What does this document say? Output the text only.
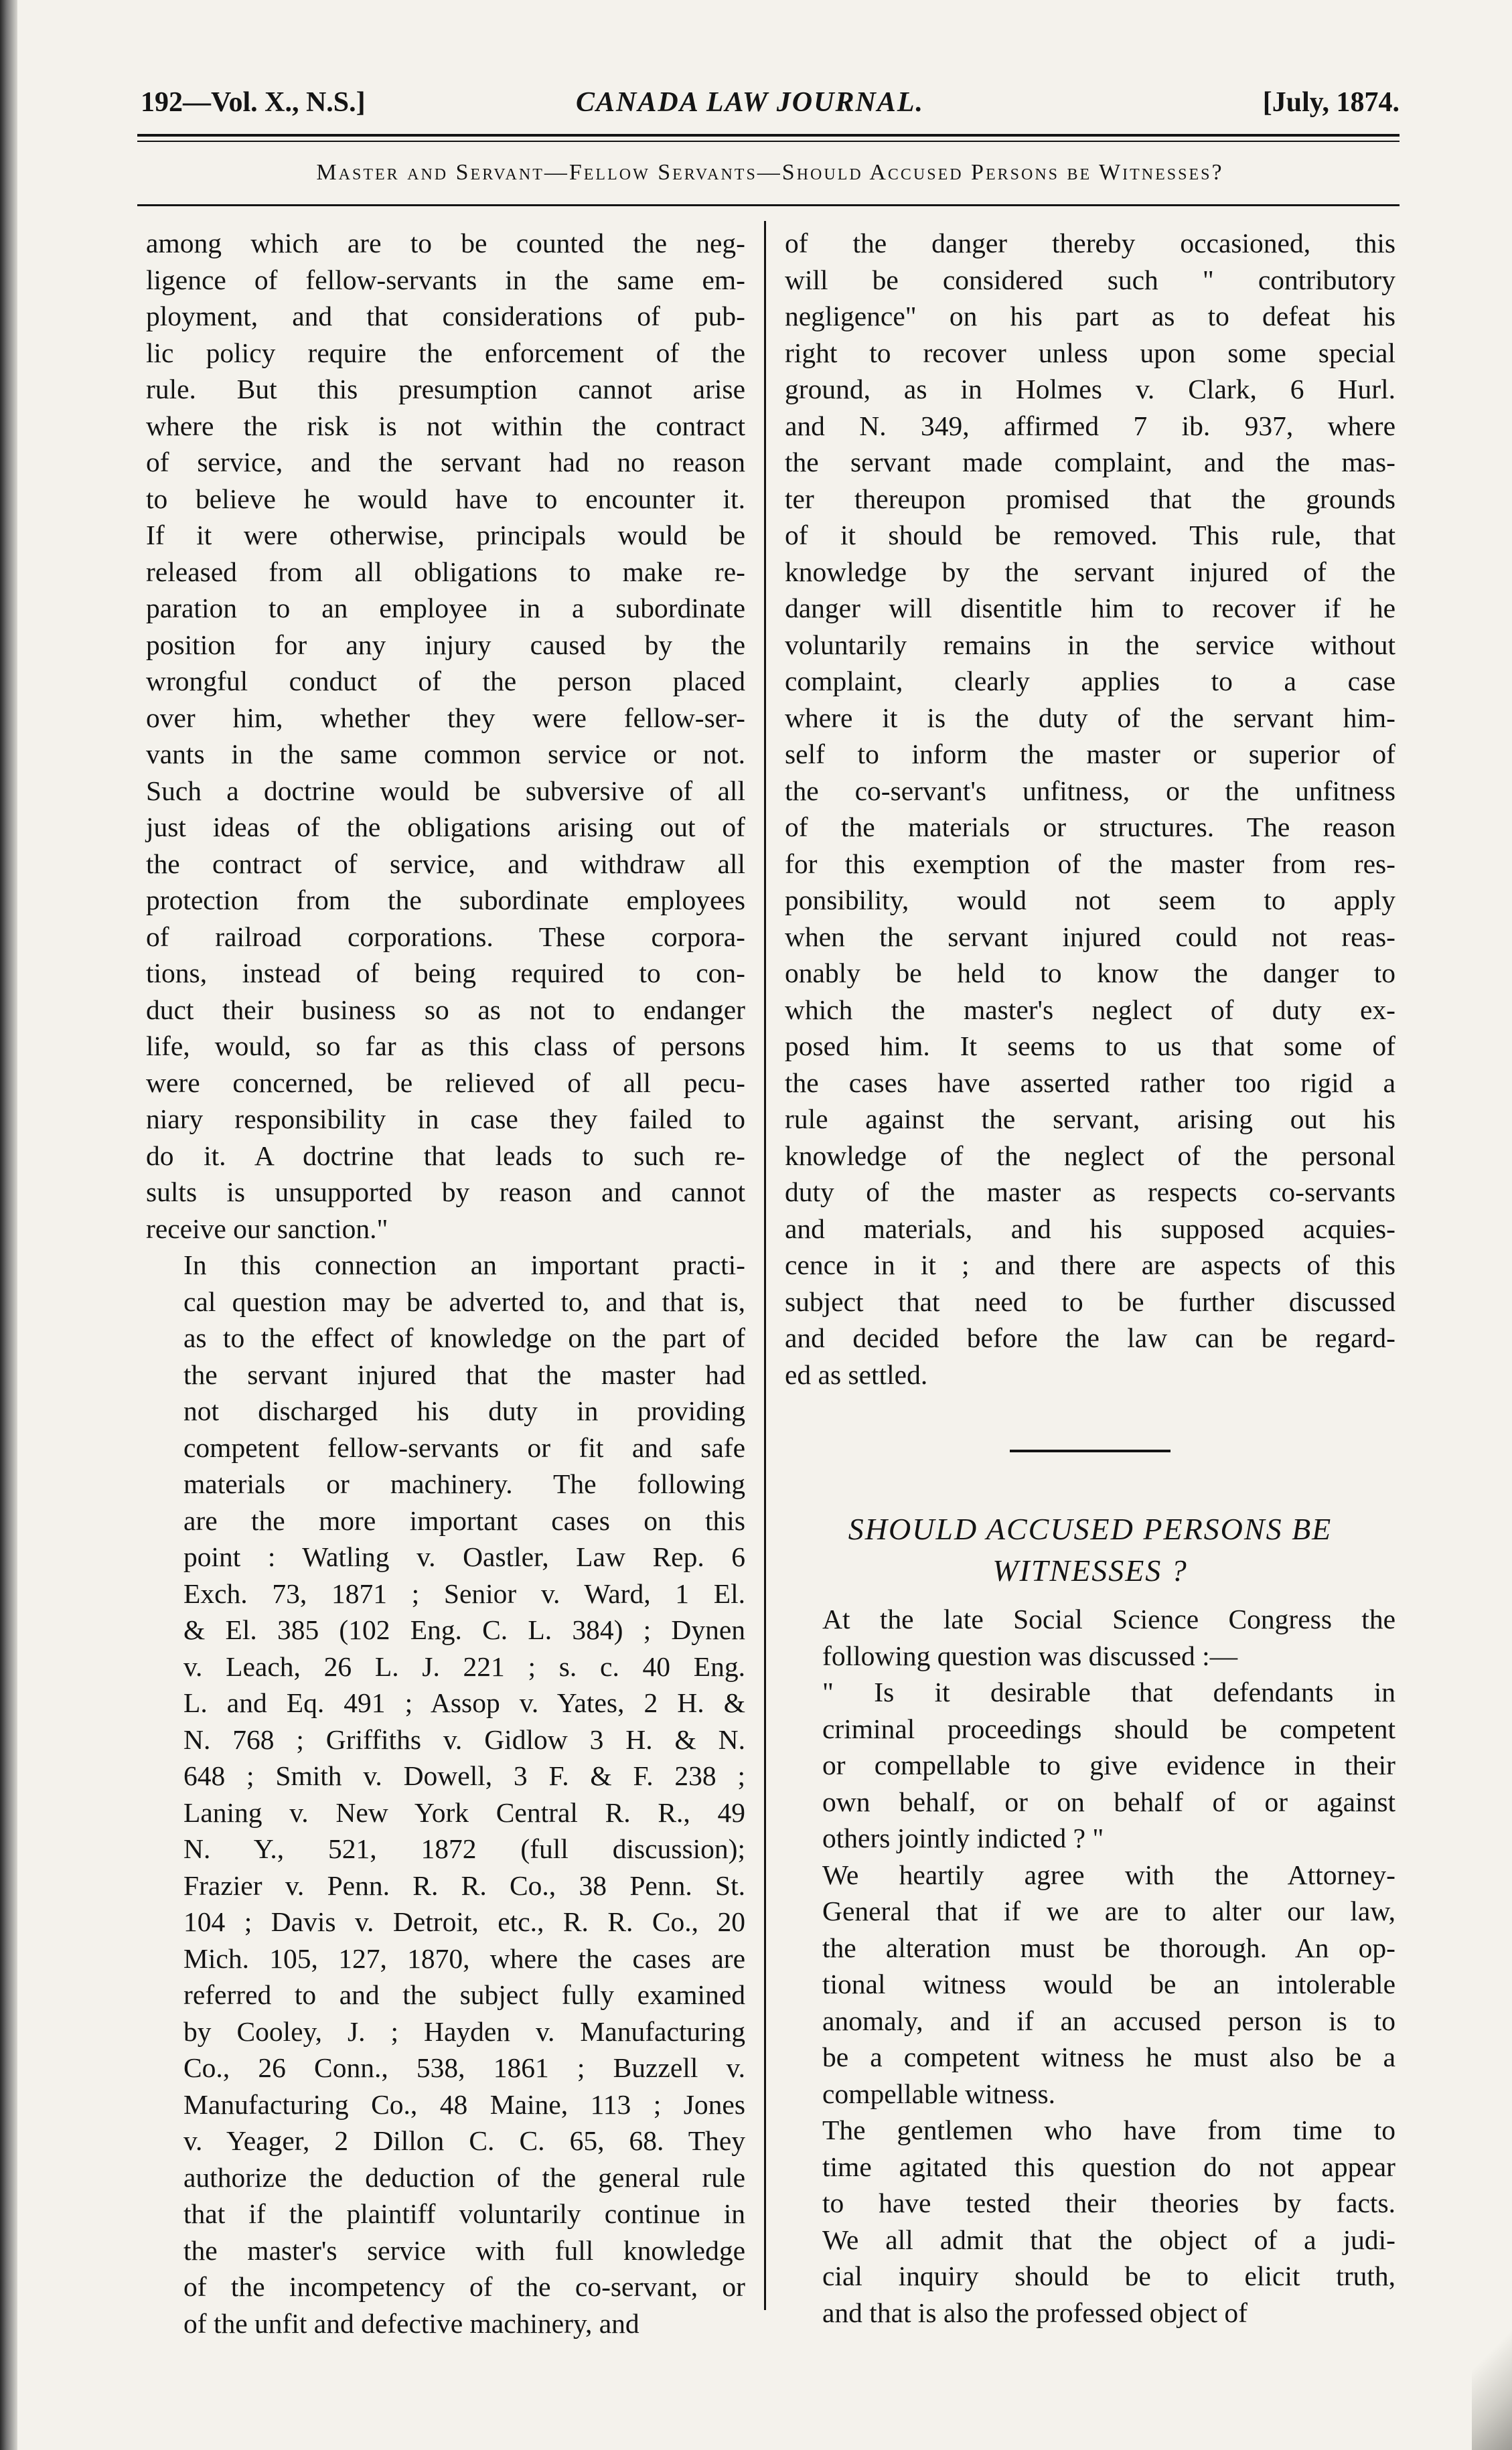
192—Vol. X., N.S.]	CANADA LAW JOURNAL.	[July, 1874.
Master and Servant—Fellow Servants—Should Accused Persons be Witnesses?

among which are to be counted the neg-
ligence of fellow-servants in the same em-
ployment, and that considerations of pub-
lic policy require the enforcement of the
rule. But this presumption cannot arise
where the risk is not within the contract
of service, and the servant had no reason
to believe he would have to encounter it.
If it were otherwise, principals would be
released from all obligations to make re-
paration to an employee in a subordinate
position for any injury caused by the
wrongful conduct of the person placed
over him, whether they were fellow-ser-
vants in the same common service or not.
Such a doctrine would be subversive of all
just ideas of the obligations arising out of
the contract of service, and withdraw all
protection from the subordinate employees
of railroad corporations. These corpora-
tions, instead of being required to con-
duct their business so as not to endanger
life, would, so far as this class of persons
were concerned, be relieved of all pecu-
niary responsibility in case they failed to
do it. A doctrine that leads to such re-
sults is unsupported by reason and cannot
receive our sanction."

In this connection an important practi-
cal question may be adverted to, and that is,
as to the effect of knowledge on the part of
the servant injured that the master had
not discharged his duty in providing
competent fellow-servants or fit and safe
materials or machinery. The following
are the more important cases on this
point : Watling v. Oastler, Law Rep. 6
Exch. 73, 1871 ; Senior v. Ward, 1 El.
& El. 385 (102 Eng. C. L. 384) ; Dynen
v. Leach, 26 L. J. 221 ; s. c. 40 Eng.
L. and Eq. 491 ; Assop v. Yates, 2 H. &
N. 768 ; Griffiths v. Gidlow 3 H. & N.
648 ; Smith v. Dowell, 3 F. & F. 238 ;
Laning v. New York Central R. R., 49
N. Y., 521, 1872 (full discussion);
Frazier v. Penn. R. R. Co., 38 Penn. St.
104 ; Davis v. Detroit, etc., R. R. Co., 20
Mich. 105, 127, 1870, where the cases are
referred to and the subject fully examined
by Cooley, J. ; Hayden v. Manufacturing
Co., 26 Conn., 538, 1861 ; Buzzell v.
Manufacturing Co., 48 Maine, 113 ; Jones
v. Yeager, 2 Dillon C. C. 65, 68. They
authorize the deduction of the general rule
that if the plaintiff voluntarily continue in
the master's service with full knowledge
of the incompetency of the co-servant, or
of the unfit and defective machinery, and

of the danger thereby occasioned, this
will be considered such " contributory
negligence" on his part as to defeat his
right to recover unless upon some special
ground, as in Holmes v. Clark, 6 Hurl.
and N. 349, affirmed 7 ib. 937, where
the servant made complaint, and the mas-
ter thereupon promised that the grounds
of it should be removed. This rule, that
knowledge by the servant injured of the
danger will disentitle him to recover if he
voluntarily remains in the service without
complaint, clearly applies to a case
where it is the duty of the servant him-
self to inform the master or superior of
the co-servant's unfitness, or the unfitness
of the materials or structures. The reason
for this exemption of the master from res-
ponsibility, would not seem to apply
when the servant injured could not reas-
onably be held to know the danger to
which the master's neglect of duty ex-
posed him. It seems to us that some of
the cases have asserted rather too rigid a
rule against the servant, arising out his
knowledge of the neglect of the personal
duty of the master as respects co-servants
and materials, and his supposed acquies-
cence in it ; and there are aspects of this
subject that need to be further discussed
and decided before the law can be regard-
ed as settled.

SHOULD ACCUSED PERSONS BE
WITNESSES ?

At the late Social Science Congress the
following question was discussed :—

" Is it desirable that defendants in
criminal proceedings should be competent
or compellable to give evidence in their
own behalf, or on behalf of or against
others jointly indicted ? "

We heartily agree with the Attorney-
General that if we are to alter our law,
the alteration must be thorough. An op-
tional witness would be an intolerable
anomaly, and if an accused person is to
be a competent witness he must also be a
compellable witness.

The gentlemen who have from time to
time agitated this question do not appear
to have tested their theories by facts.
We all admit that the object of a judi-
cial inquiry should be to elicit truth,
and that is also the professed object of
